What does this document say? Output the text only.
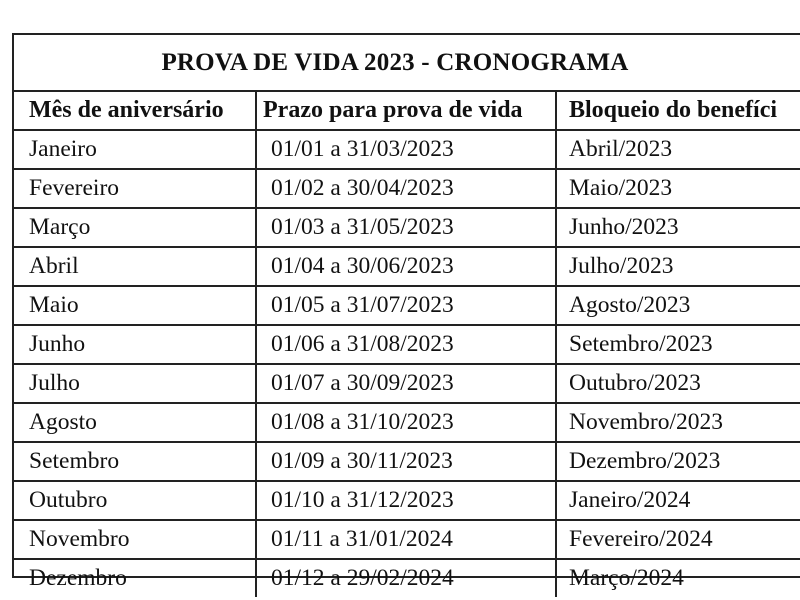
PROVA DE VIDA 2023 - CRONOGRAMA
Mês de aniversário	Prazo para prova de vida	Bloqueio do benefíci
Janeiro	01/01 a 31/03/2023	Abril/2023
Fevereiro	01/02 a 30/04/2023	Maio/2023
Março	01/03 a 31/05/2023	Junho/2023
Abril	01/04 a 30/06/2023	Julho/2023
Maio	01/05 a 31/07/2023	Agosto/2023
Junho	01/06 a 31/08/2023	Setembro/2023
Julho	01/07 a 30/09/2023	Outubro/2023
Agosto	01/08 a 31/10/2023	Novembro/2023
Setembro	01/09 a 30/11/2023	Dezembro/2023
Outubro	01/10 a 31/12/2023	Janeiro/2024
Novembro	01/11 a 31/01/2024	Fevereiro/2024
Dezembro	01/12 a 29/02/2024	Março/2024
